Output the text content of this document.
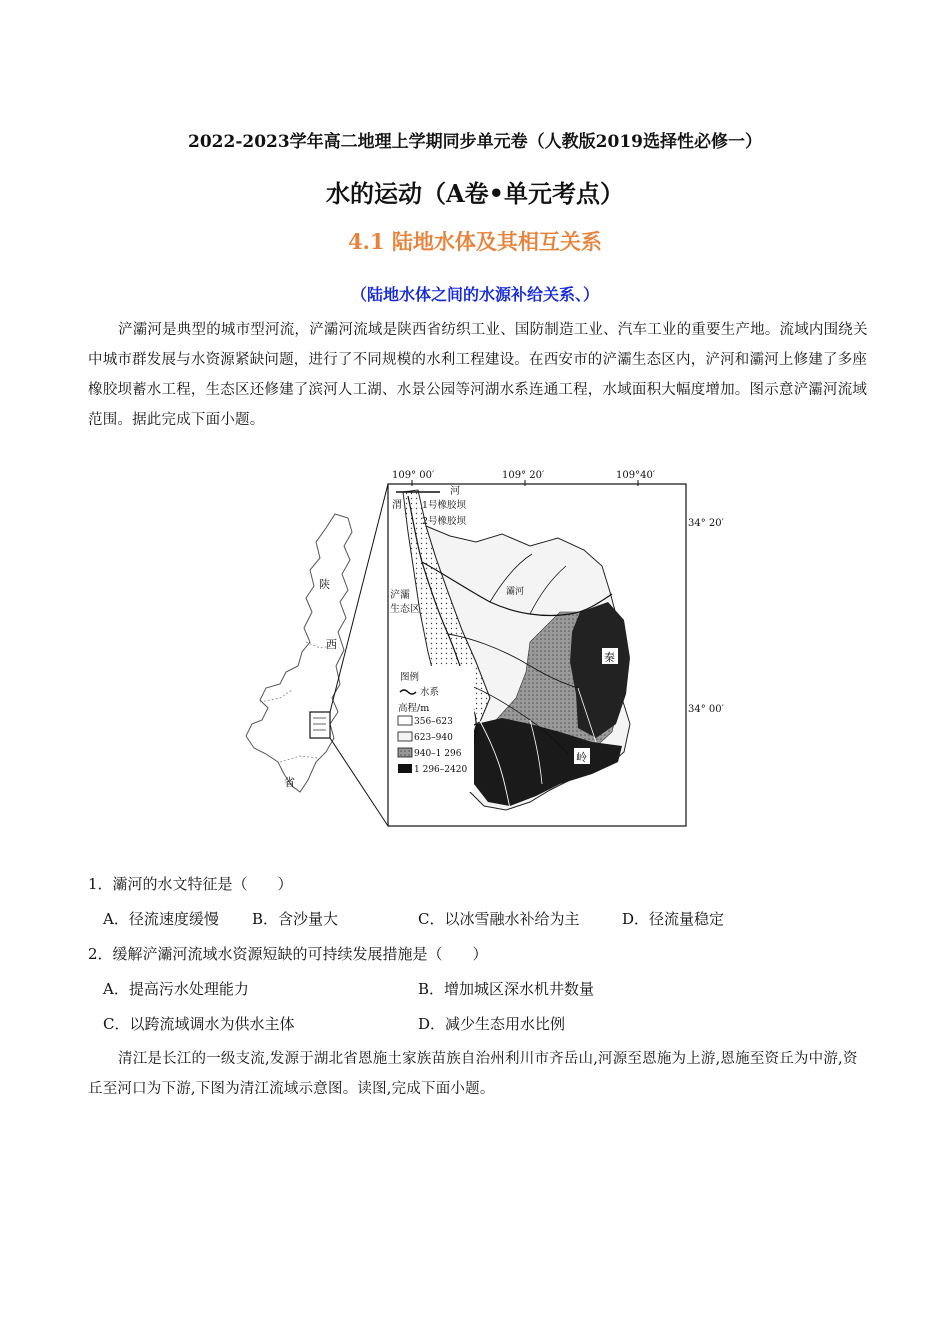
2022-2023学年高二地理上学期同步单元卷（人教版2019选择性必修一）
水的运动（A卷•单元考点）
4.1 陆地水体及其相互关系
（陆地水体之间的水源补给关系、）
浐灞河是典型的城市型河流，浐灞河流域是陕西省纺织工业、国防制造工业、汽车工业的重要生产地。流域内围绕关中城市群发展与水资源紧缺问题，进行了不同规模的水利工程建设。在西安市的浐灞生态区内，浐河和灞河上修建了多座橡胶坝蓄水工程，生态区还修建了滨河人工湖、水景公园等河湖水系连通工程，水域面积大幅度增加。图示意浐灞河流域范围。据此完成下面小题。
陕
西
省
109° 00′	109° 20′	109°40′
34° 20′
34° 00′
渭
河
1号橡胶坝
2号橡胶坝
浐灞
生态区
灞河
秦
岭
图例
水系
高程/m
356–623
623–940
940–1 296
1 296–2420
1．灞河的水文特征是（　　）
A．径流速度缓慢 B．含沙量大	C．以冰雪融水补给为主	D．径流量稳定
2．缓解浐灞河流域水资源短缺的可持续发展措施是（　　）
A．提高污水处理能力	B．增加城区深水机井数量
C．以跨流域调水为供水主体	D．减少生态用水比例
清江是长江的一级支流,发源于湖北省恩施土家族苗族自治州利川市齐岳山,河源至恩施为上游,恩施至资丘为中游,资丘至河口为下游,下图为清江流域示意图。读图,完成下面小题。
